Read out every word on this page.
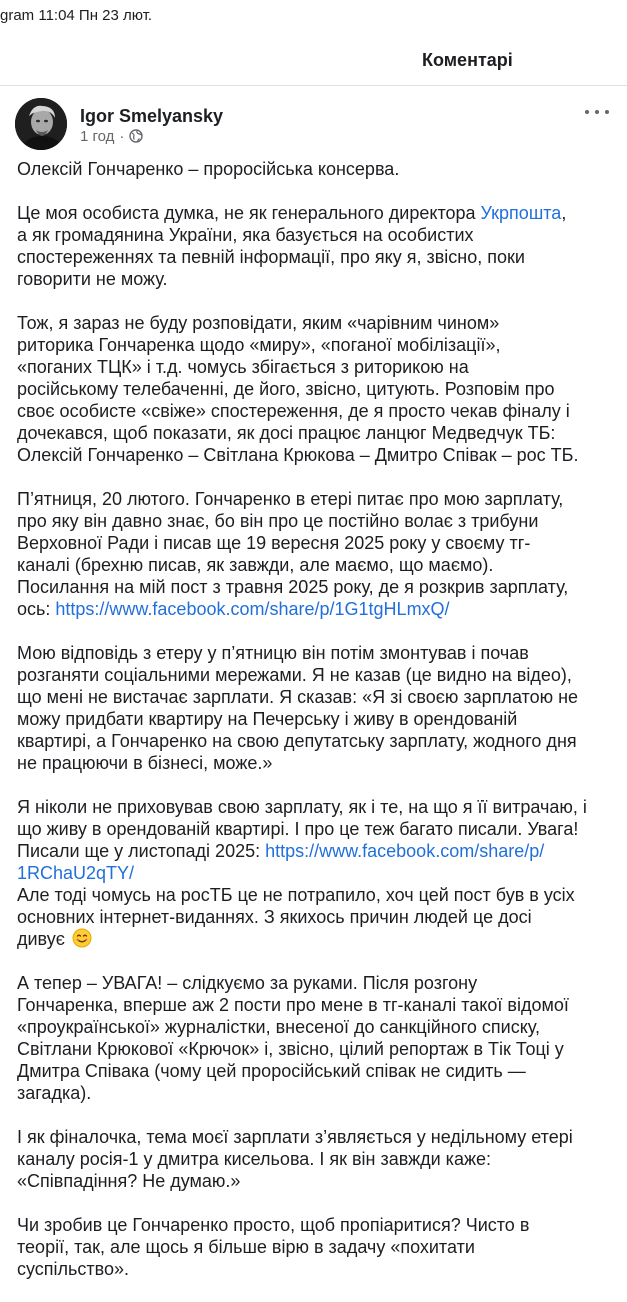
gram 11:04 Пн 23 лют.
Коментарі
Igor Smelyansky
1 год ·

Олексій Гончаренко – проросійська консерва.

Це моя особиста думка, не як генерального директора Укрпошта,
а як громадянина України, яка базується на особистих
спостереженнях та певній інформації, про яку я, звісно, поки
говорити не можу.

Тож, я зараз не буду розповідати, яким «чарівним чином»
риторика Гончаренка щодо «миру», «поганої мобілізації»,
«поганих ТЦК» і т.д. чомусь збігається з риторикою на
російському телебаченні, де його, звісно, цитують. Розповім про
своє особисте «свіже» спостереження, де я просто чекав фіналу і
дочекався, щоб показати, як досі працює ланцюг Медведчук ТБ:
Олексій Гончаренко – Світлана Крюкова – Дмитро Співак – рос ТБ.

П’ятниця, 20 лютого. Гончаренко в етері питає про мою зарплату,
про яку він давно знає, бо він про це постійно волає з трибуни
Верховної Ради і писав ще 19 вересня 2025 року у своєму тг-
каналі (брехню писав, як завжди, але маємо, що маємо).
Посилання на мій пост з травня 2025 року, де я розкрив зарплату,
ось: https://www.facebook.com/share/p/1G1tgHLmxQ/

Мою відповідь з етеру у п’ятницю він потім змонтував і почав
розганяти соціальними мережами. Я не казав (це видно на відео),
що мені не вистачає зарплати. Я сказав: «Я зі своєю зарплатою не
можу придбати квартиру на Печерську і живу в орендованій
квартирі, а Гончаренко на свою депутатську зарплату, жодного дня
не працюючи в бізнесі, може.»

Я ніколи не приховував свою зарплату, як і те, на що я її витрачаю, і
що живу в орендованій квартирі. І про це теж багато писали. Увага!
Писали ще у листопаді 2025: https://www.facebook.com/share/p/
1RChaU2qTY/
Але тоді чомусь на росТБ це не потрапило, хоч цей пост був в усіх
основних інтернет-виданнях. З якихось причин людей це досі
дивує

А тепер – УВАГА! – слідкуємо за руками. Після розгону
Гончаренка, вперше аж 2 пости про мене в тг-каналі такої відомої
«проукраїнської» журналістки, внесеної до санкційного списку,
Світлани Крюкової «Крючок» і, звісно, цілий репортаж в Тік Тоці у
Дмитра Співака (чому цей проросійський співак не сидить —
загадка).

І як фіналочка, тема моєї зарплати з’являється у недільному етері
каналу росія-1 у дмитра кисельова. І як він завжди каже:
«Співпадіння? Не думаю.»

Чи зробив це Гончаренко просто, щоб пропіаритися? Чисто в
теорії, так, але щось я більше вірю в задачу «похитати
суспільство».
